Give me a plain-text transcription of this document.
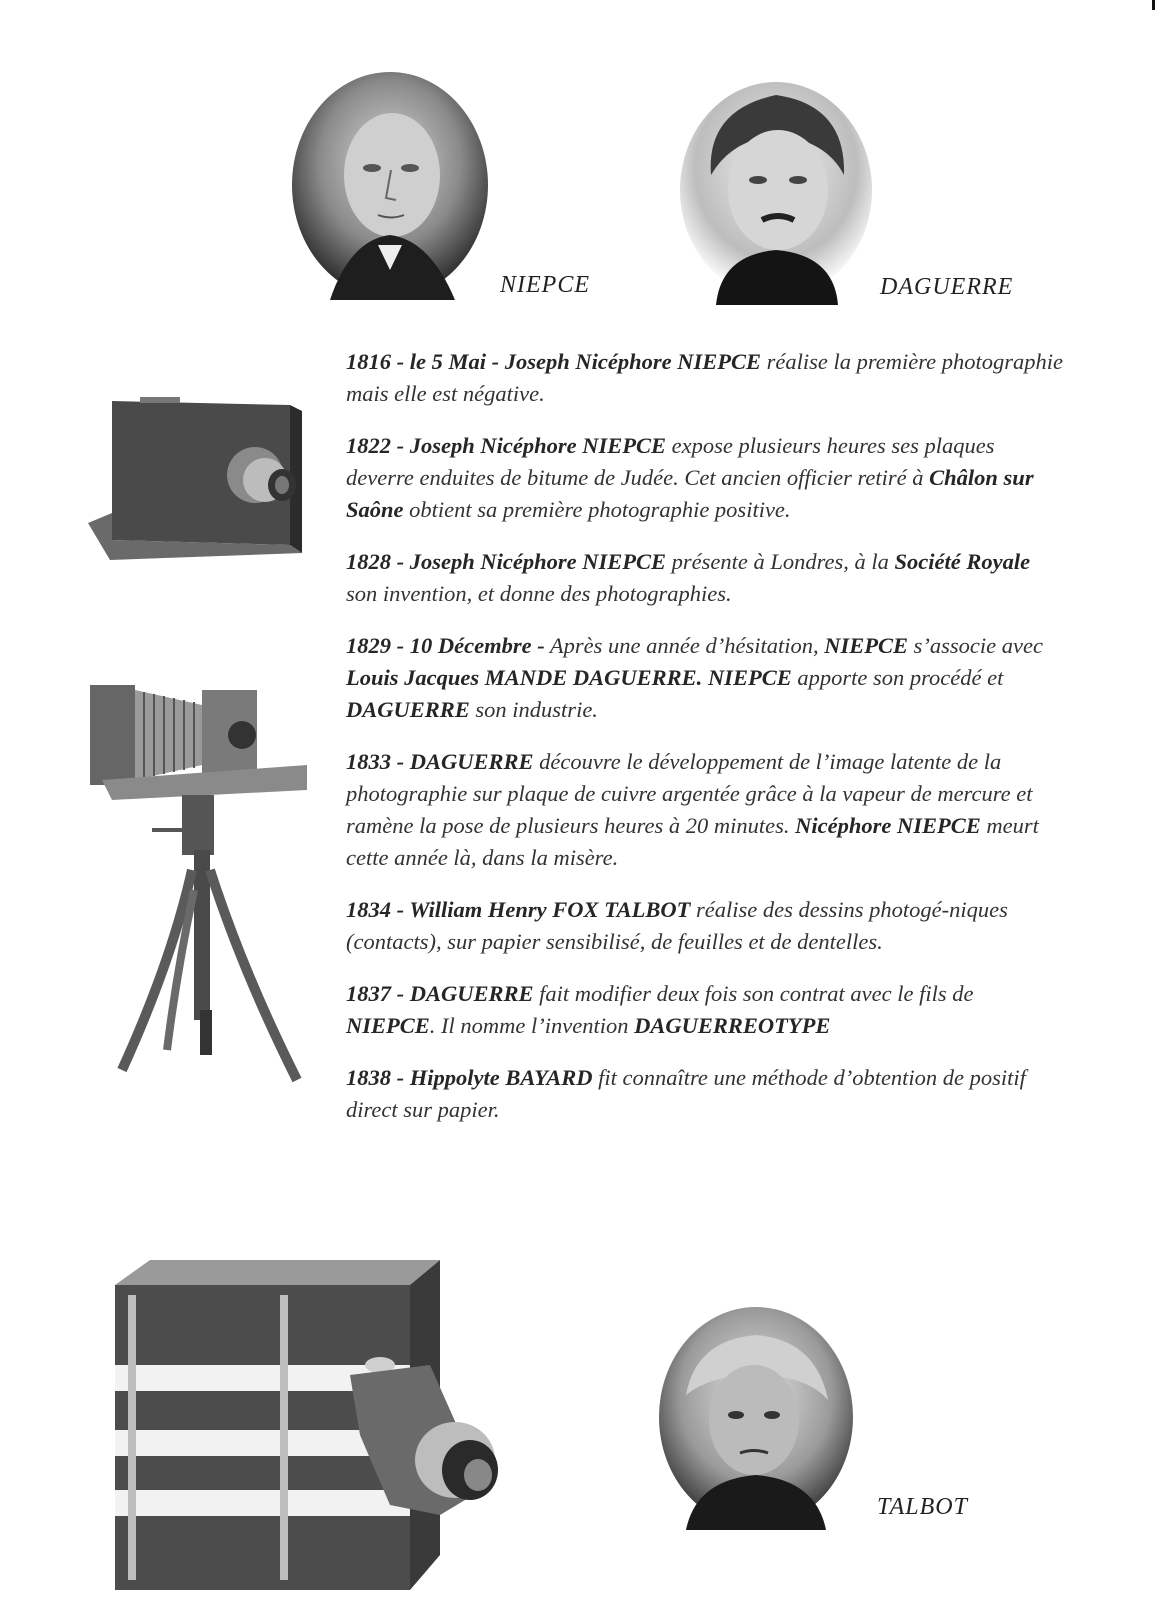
NIEPCE	DAGUERRE
TALBOT

1816 - le 5 Mai - Joseph Nicéphore NIEPCE réalise la première photographie mais elle est négative.

1822 - Joseph Nicéphore NIEPCE expose plusieurs heures ses plaques deverre enduites de bitume de Judée. Cet ancien officier retiré à Châlon sur Saône obtient sa première photographie positive.

1828 - Joseph Nicéphore NIEPCE présente à Londres, à la Société Royale son invention, et donne des photographies.

1829 - 10 Décembre - Après une année d’hésitation, NIEPCE s’associe avec Louis Jacques MANDE DAGUERRE. NIEPCE apporte son procédé et DAGUERRE son industrie.

1833 - DAGUERRE découvre le développement de l’image latente de la photographie sur plaque de cuivre argentée grâce à la vapeur de mercure et ramène la pose de plusieurs heures à 20 minutes. Nicéphore NIEPCE meurt cette année là, dans la misère.

1834 - William Henry FOX TALBOT réalise des dessins photogé-niques (contacts), sur papier sensibilisé, de feuilles et de dentelles.

1837 - DAGUERRE fait modifier deux fois son contrat avec le fils de NIEPCE. Il nomme l’invention DAGUERREOTYPE

1838 - Hippolyte BAYARD fit connaître une méthode d’obtention de positif direct sur papier.
